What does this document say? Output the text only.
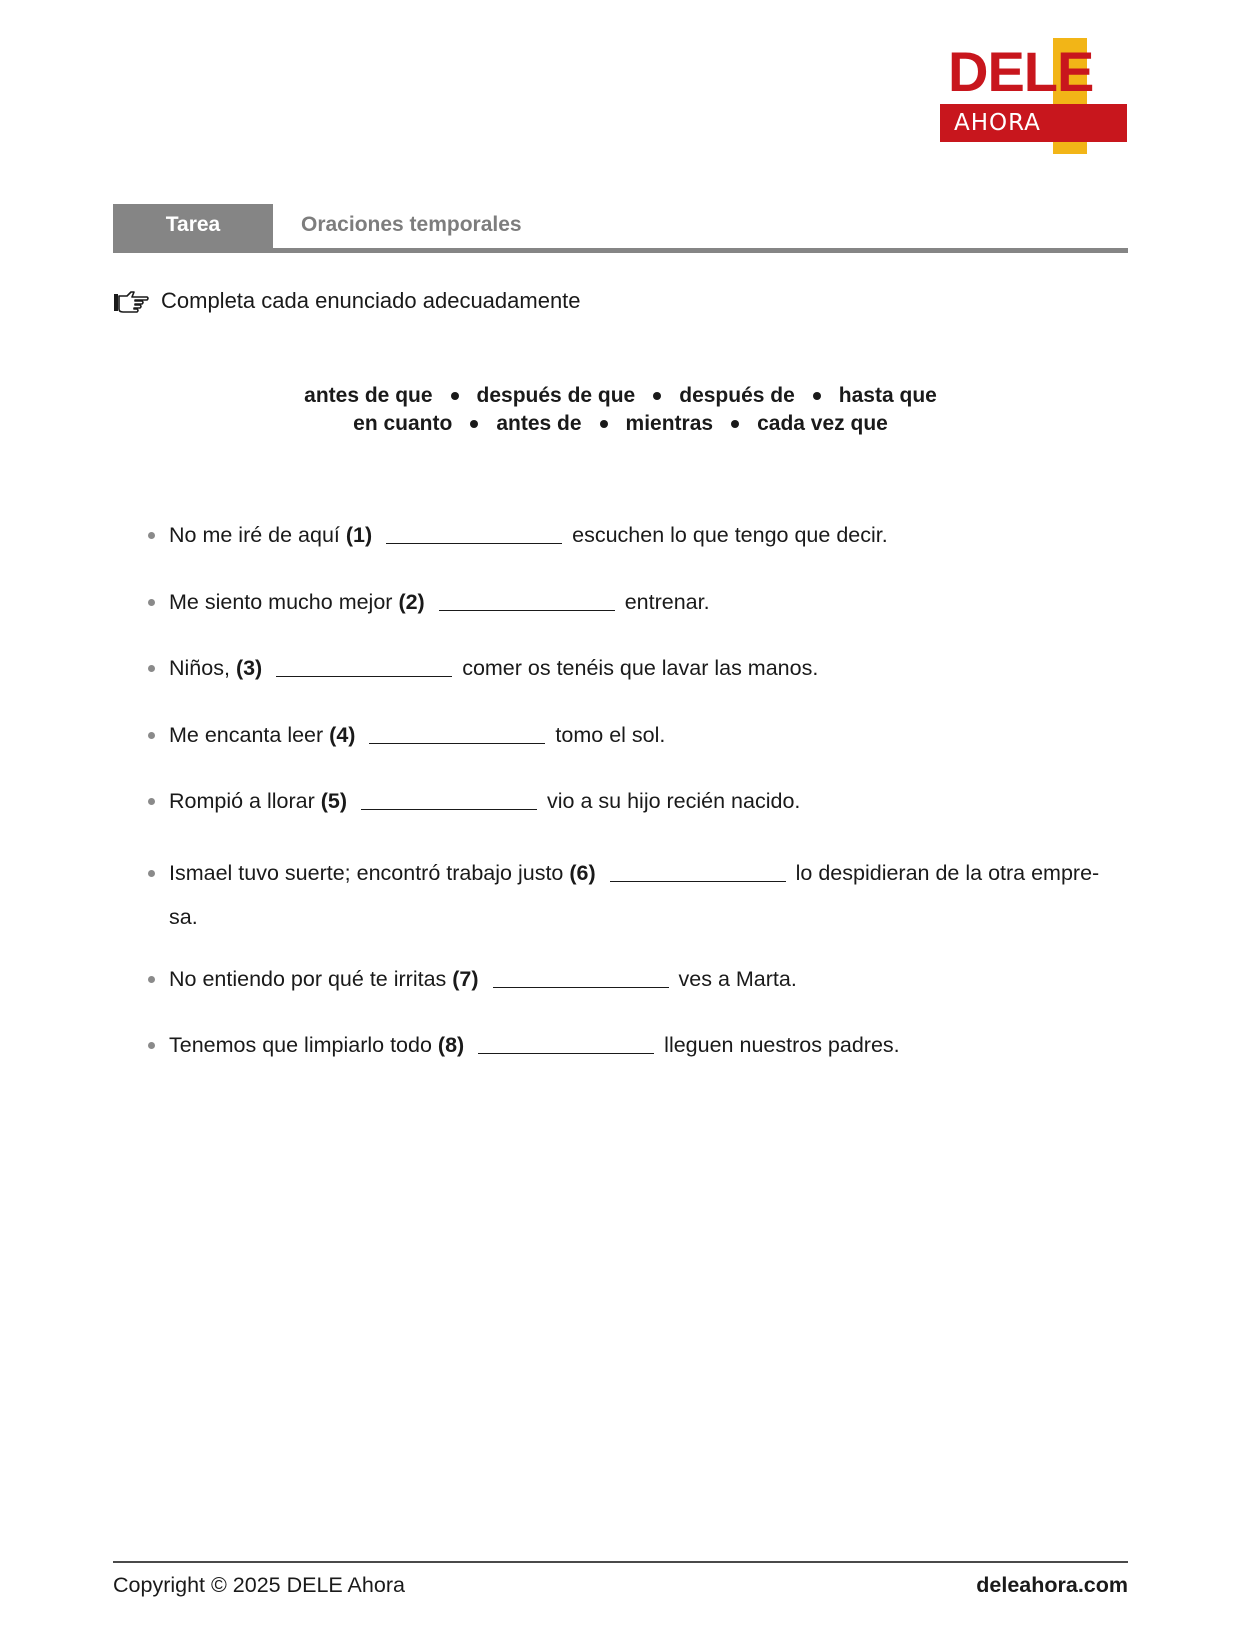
DELE
AHORA
Tarea	Oraciones temporales
Completa cada enunciado adecuadamente
antes de que después de que después de hasta que
en cuanto antes de mientras cada vez que
No me iré de aquí (1)	escuchen lo que tengo que decir.
Me siento mucho mejor (2)	entrenar.
Niños, (3)	comer os tenéis que lavar las manos.
Me encanta leer (4)	tomo el sol.
Rompió a llorar (5)	vio a su hijo recién nacido.
Ismael tuvo suerte; encontró trabajo justo (6)	lo despidieran de la otra empre-
sa.
No entiendo por qué te irritas (7)	ves a Marta.
Tenemos que limpiarlo todo (8)	lleguen nuestros padres.
Copyright © 2025 DELE Ahora	deleahora.com
